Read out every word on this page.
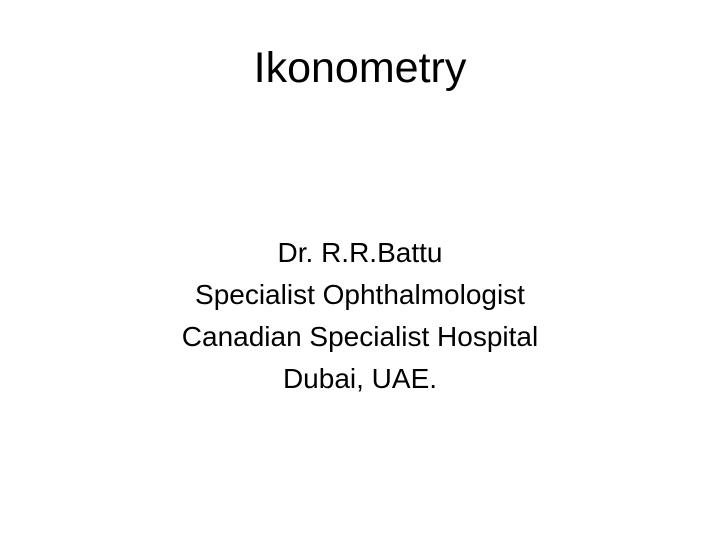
Ikonometry
Dr. R.R.Battu
Specialist Ophthalmologist
Canadian Specialist Hospital
Dubai, UAE.
